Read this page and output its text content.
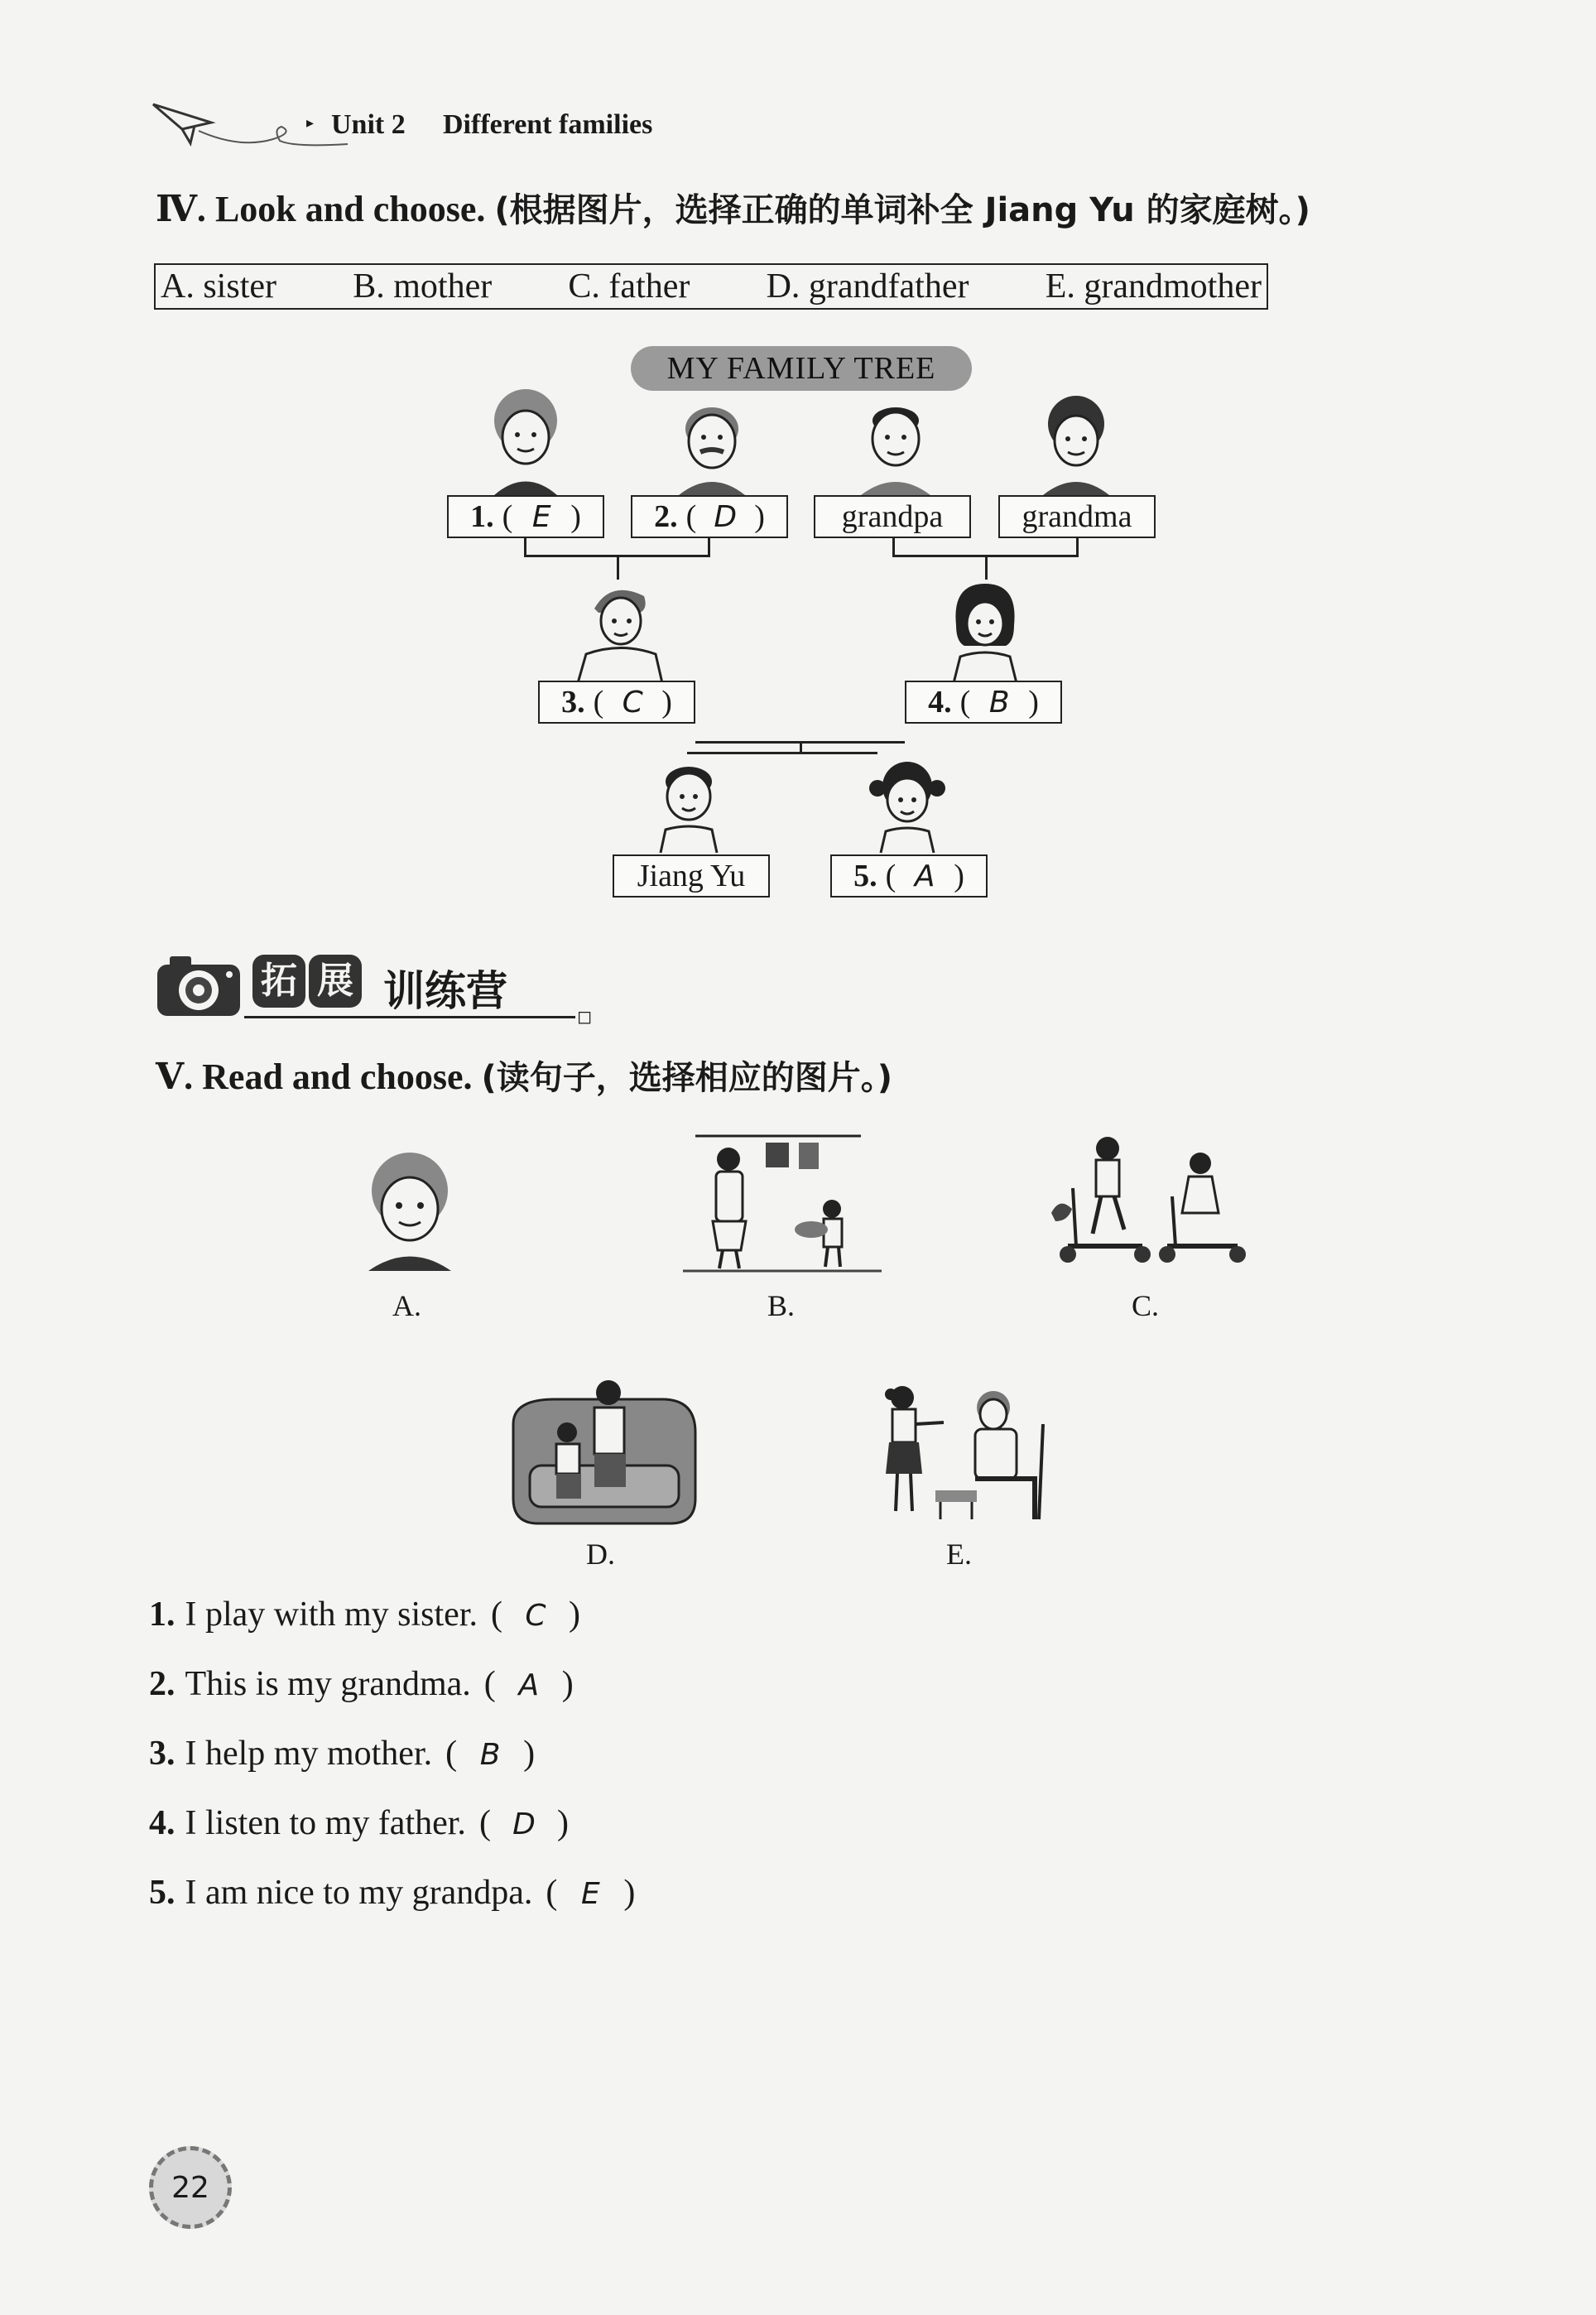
▸ Unit 2 Different families
Ⅳ. Look and choose. (根据图片，选择正确的单词补全 Jiang Yu 的家庭树。)
A. sister B. mother C. father D. grandfather E. grandmother
MY FAMILY TREE
1. ( E )	2. ( D )	grandpa	grandma
3. ( C )	4. ( B )
Jiang Yu	5. ( A )
拓 展 训练营
◻
Ⅴ. Read and choose. (读句子，选择相应的图片。)
A.	B.	C.
D.	E.
1. I play with my sister. ( C )
2. This is my grandma. ( A )
3. I help my mother. ( B )
4. I listen to my father. ( D )
5. I am nice to my grandpa. ( E )
22
